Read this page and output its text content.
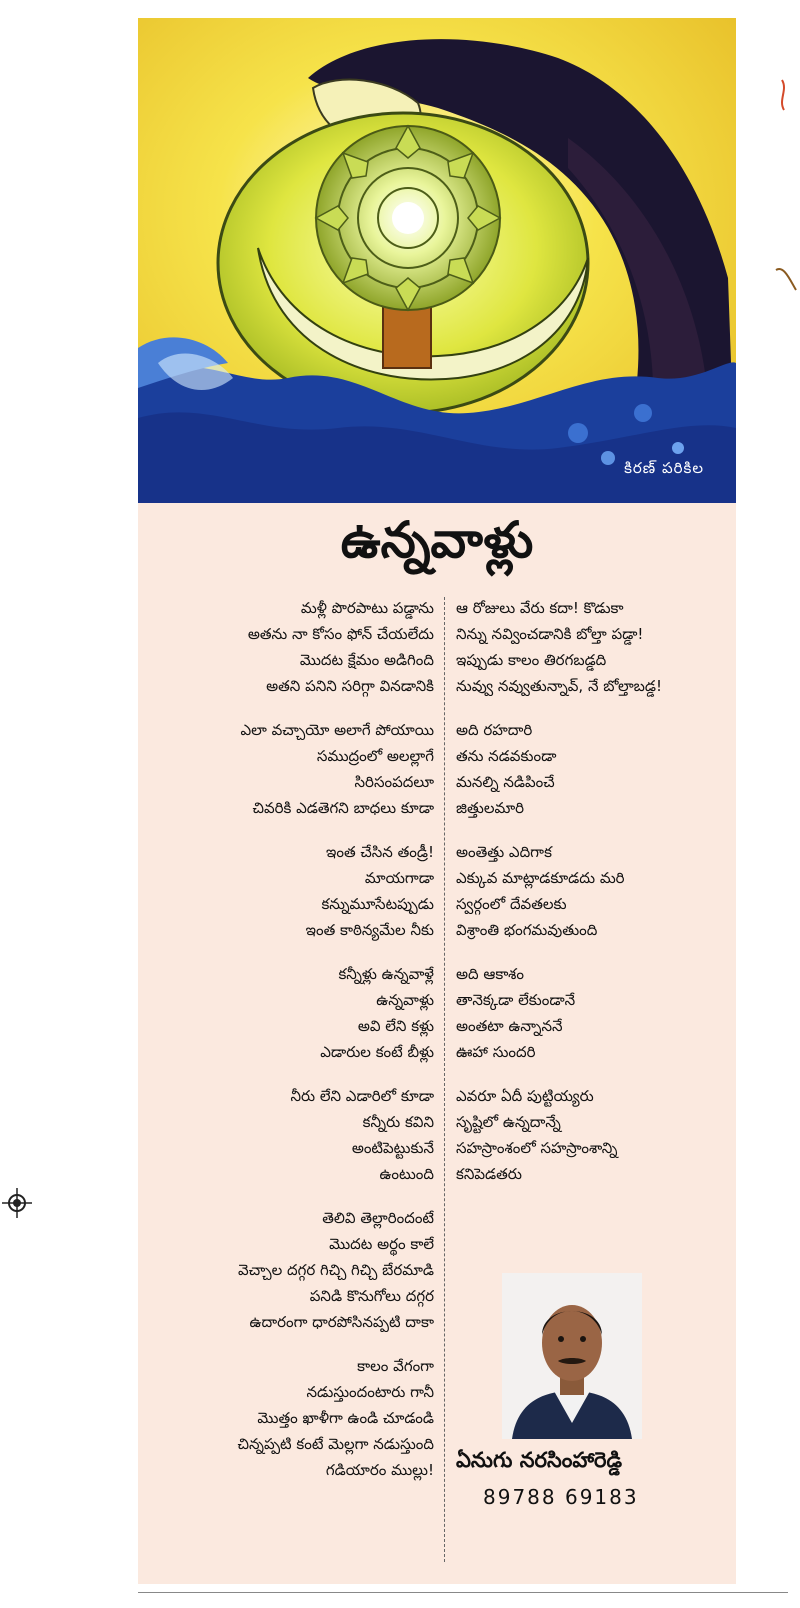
కిరణ్ పరికిల
ఉన్నవాళ్లు
మళ్లీ పొరపాటు పడ్డాను
అతను నా కోసం ఫోన్ చేయలేదు
మొదట క్షేమం అడిగింది
అతని పనిని సరిగ్గా వినడానికి
ఎలా వచ్చాయో అలాగే పోయాయి
సముద్రంలో అలల్లాగే
సిరిసంపదలూ
చివరికి ఎడతెగని బాధలు కూడా
ఇంత చేసిన తండ్రీ!
మాయగాడా
కన్నుమూసేటప్పుడు
ఇంత కాఠిన్యమేల నీకు
కన్నీళ్లు ఉన్నవాళ్లే
ఉన్నవాళ్లు
అవి లేని కళ్లు
ఎడారుల కంటే బీళ్లు
నీరు లేని ఎడారిలో కూడా
కన్నీరు కవిని
అంటిపెట్టుకునే
ఉంటుంది
తెలివి తెల్లారిందంటే
మొదట అర్థం కాలే
వెచ్చాల దగ్గర గిచ్చి గిచ్చి బేరమాడి
పనిడి కొనుగోలు దగ్గర
ఉదారంగా ధారపోసినప్పటి దాకా
కాలం వేగంగా
నడుస్తుందంటారు గానీ
మొత్తం ఖాళీగా ఉండి చూడండి
చిన్నప్పటి కంటే మెల్లగా నడుస్తుంది
గడియారం ముల్లు!
ఆ రోజులు వేరు కదా! కొడుకా
నిన్ను నవ్వించడానికి బోల్తా పడ్డా!
ఇప్పుడు కాలం తిరగబడ్డది
నువ్వు నవ్వుతున్నావ్, నే బోల్తాబడ్డ!
అది రహదారి
తను నడవకుండా
మనల్ని నడిపించే
జిత్తులమారి
అంతెత్తు ఎదిగాక
ఎక్కువ మాట్లాడకూడదు మరి
స్వర్గంలో దేవతలకు
విశ్రాంతి భంగమవుతుంది
అది ఆకాశం
తానెక్కడా లేకుండానే
అంతటా ఉన్నాననే
ఊహా సుందరి
ఎవరూ ఏదీ పుట్టియ్యరు
సృష్టిలో ఉన్నదాన్నే
సహస్రాంశంలో సహస్రాంశాన్ని
కనిపెడతరు
ఏనుగు నరసింహారెడ్డి
89788 69183
